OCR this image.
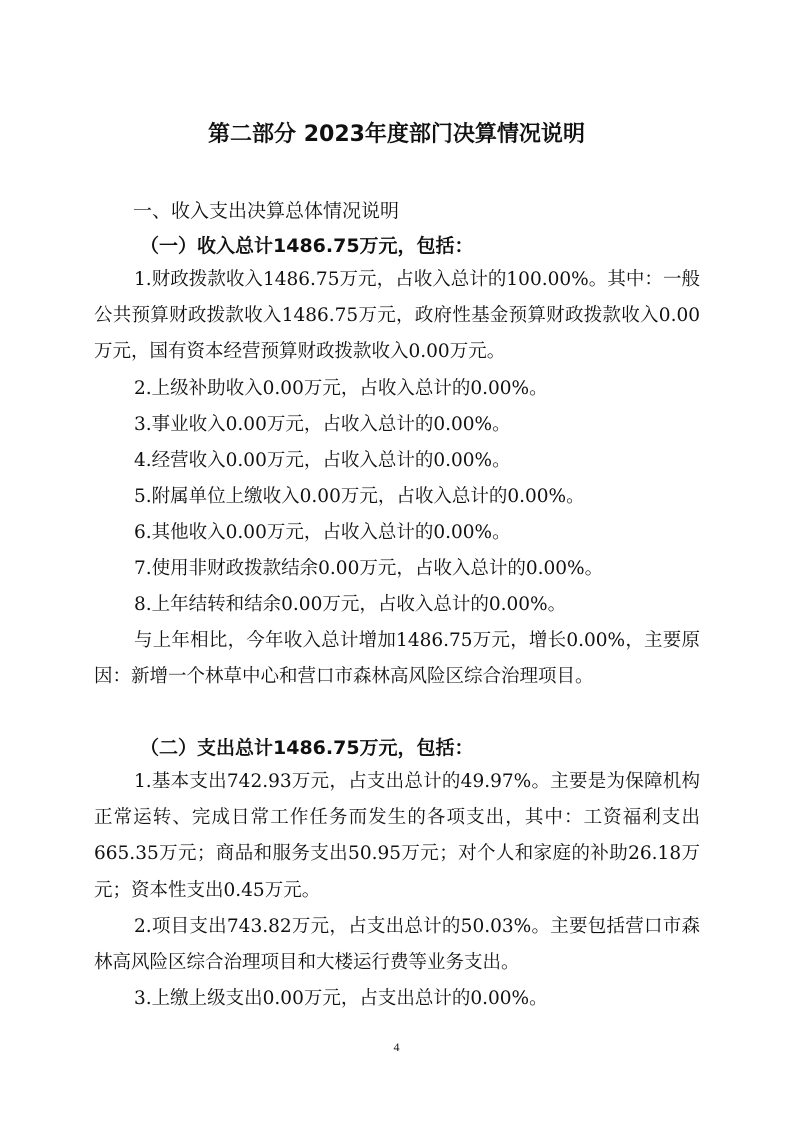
第二部分 2023年度部门决算情况说明
一、收入支出决算总体情况说明
（一）收入总计1486.75万元，包括：
1.财政拨款收入1486.75万元，占收入总计的100.00%。其中：一般公共预算财政拨款收入1486.75万元，政府性基金预算财政拨款收入0.00万元，国有资本经营预算财政拨款收入0.00万元。
2.上级补助收入0.00万元，占收入总计的0.00%。
3.事业收入0.00万元，占收入总计的0.00%。
4.经营收入0.00万元，占收入总计的0.00%。
5.附属单位上缴收入0.00万元，占收入总计的0.00%。
6.其他收入0.00万元，占收入总计的0.00%。
7.使用非财政拨款结余0.00万元，占收入总计的0.00%。
8.上年结转和结余0.00万元，占收入总计的0.00%。
与上年相比，今年收入总计增加1486.75万元，增长0.00%，主要原因：新增一个林草中心和营口市森林高风险区综合治理项目。
（二）支出总计1486.75万元，包括：
1.基本支出742.93万元，占支出总计的49.97%。主要是为保障机构正常运转、完成日常工作任务而发生的各项支出，其中：工资福利支出665.35万元；商品和服务支出50.95万元；对个人和家庭的补助26.18万元；资本性支出0.45万元。
2.项目支出743.82万元，占支出总计的50.03%。主要包括营口市森林高风险区综合治理项目和大楼运行费等业务支出。
3.上缴上级支出0.00万元，占支出总计的0.00%。
4
